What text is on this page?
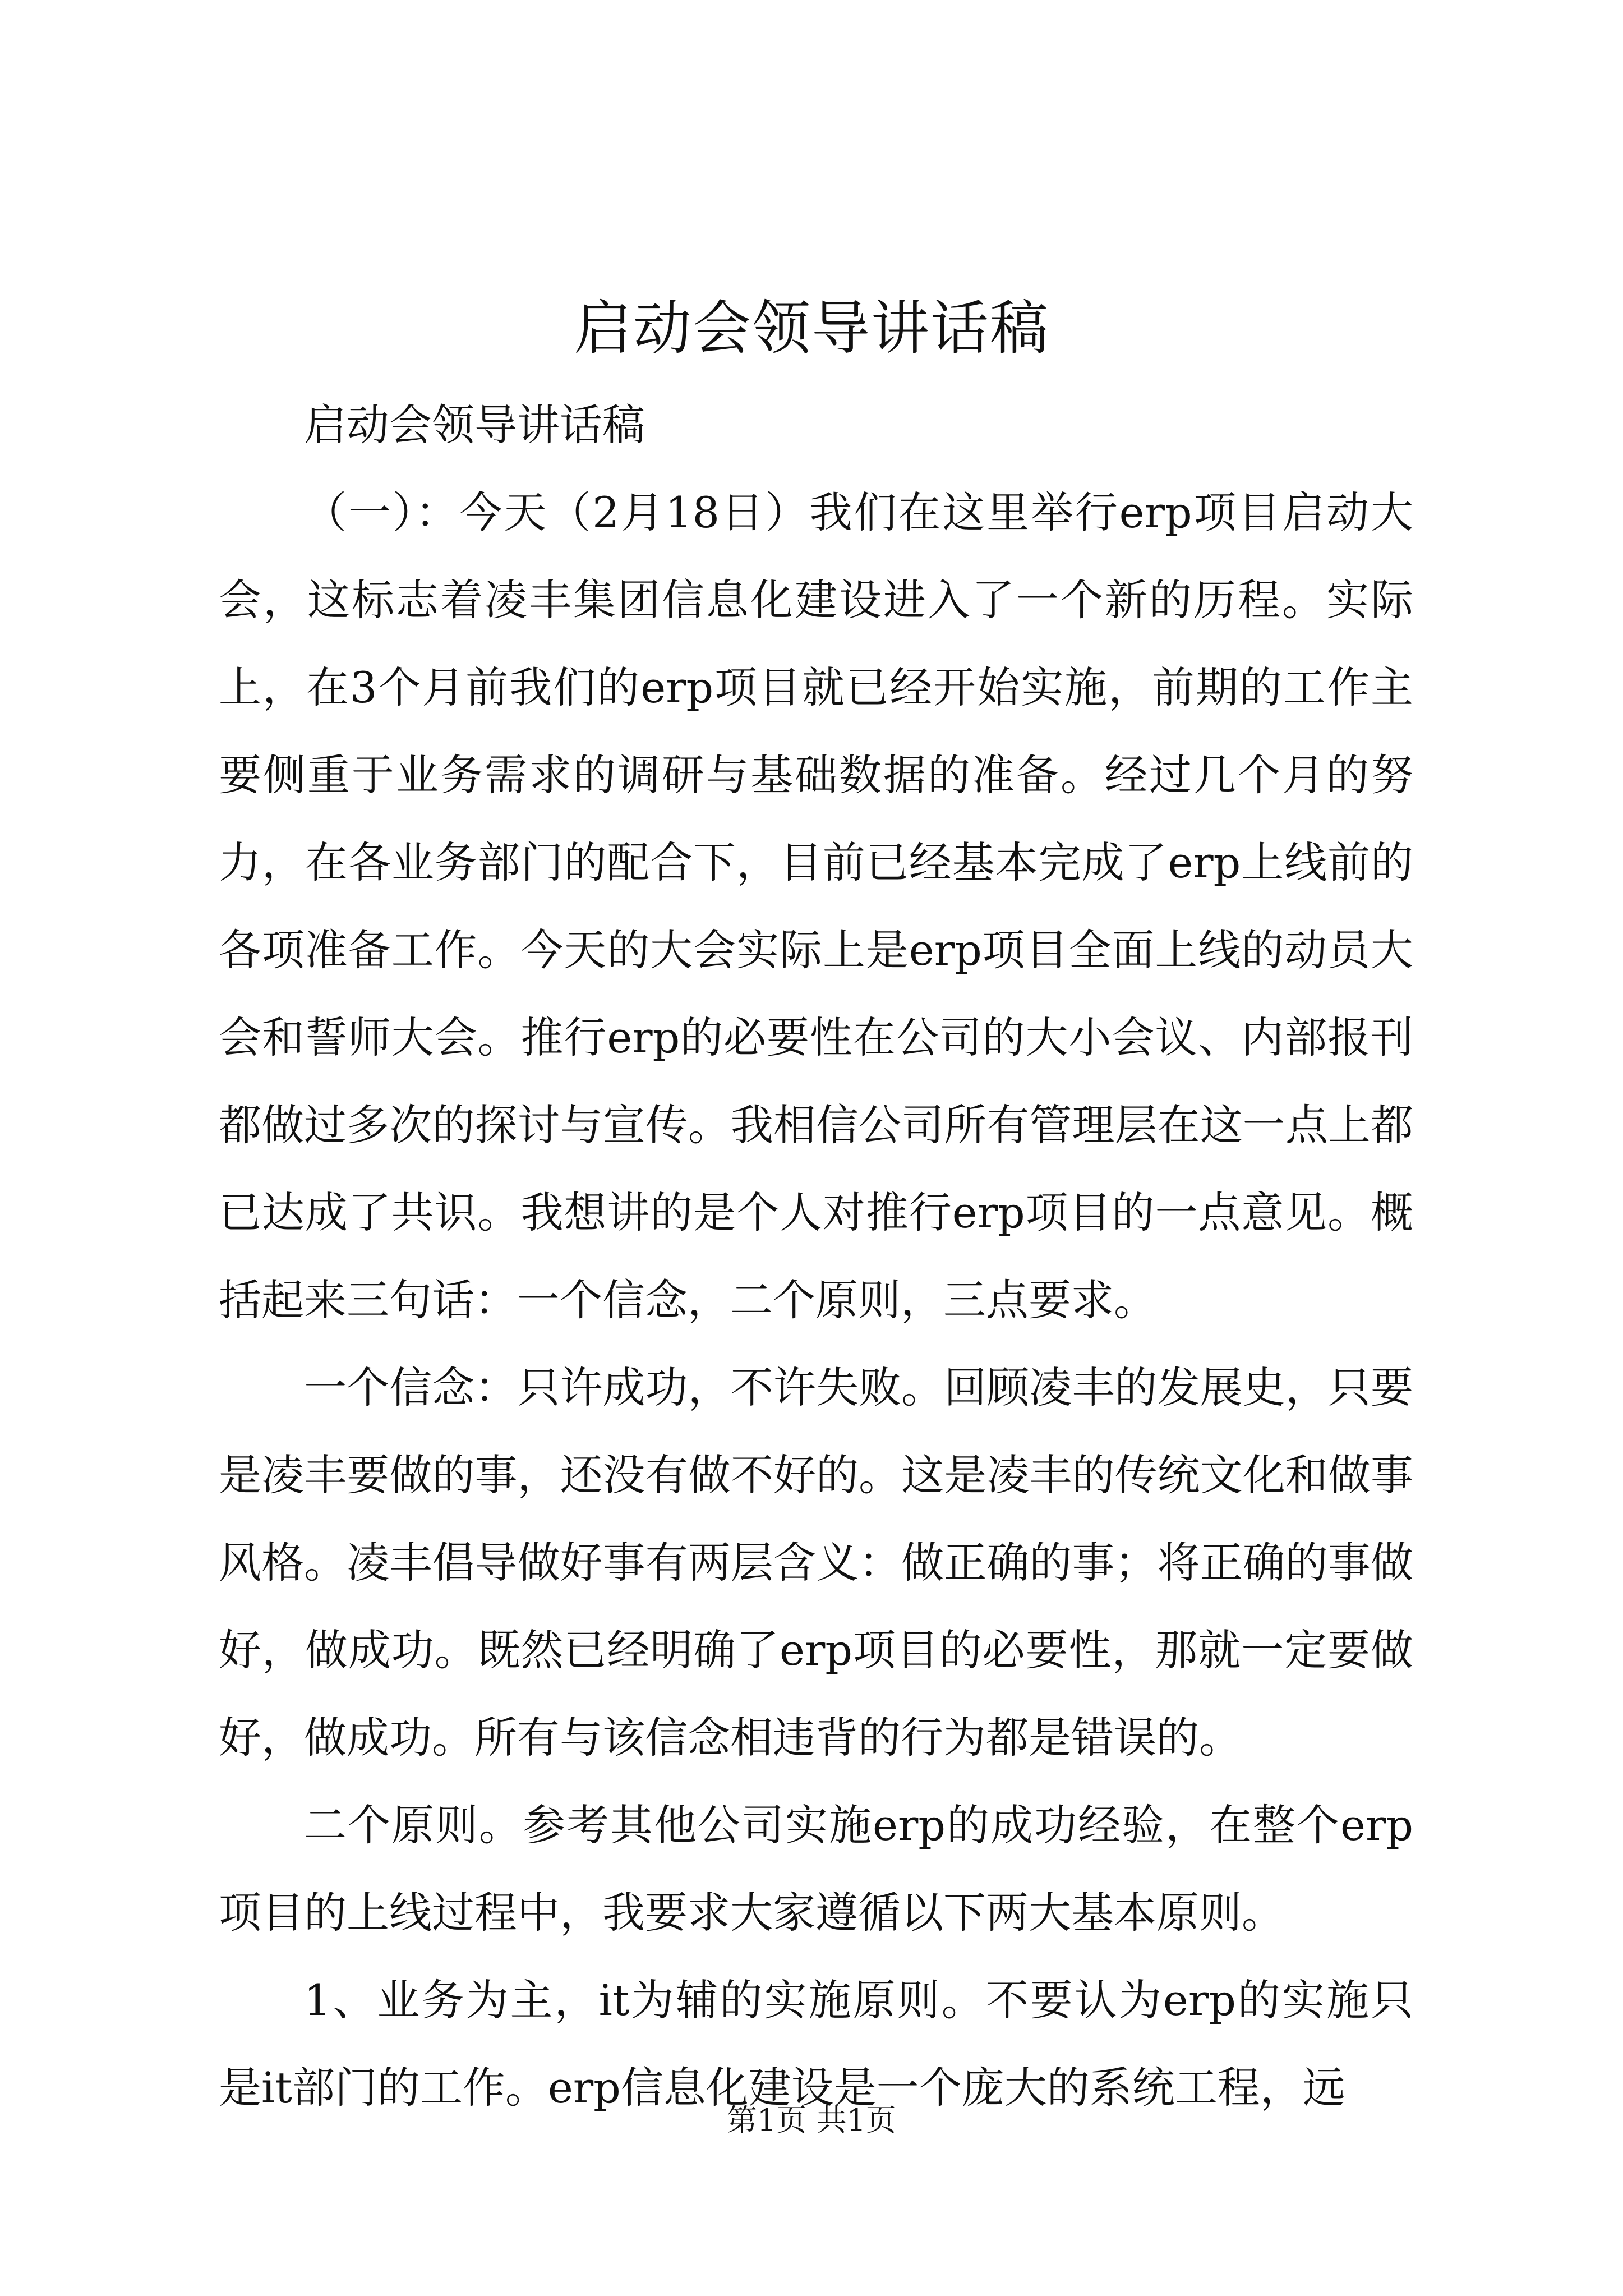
启动会领导讲话稿

启动会领导讲话稿

（一）：今天（2月18日）我们在这里举行erp项目启动大会，这标志着凌丰集团信息化建设进入了一个新的历程。实际上，在3个月前我们的erp项目就已经开始实施，前期的工作主要侧重于业务需求的调研与基础数据的准备。经过几个月的努力，在各业务部门的配合下，目前已经基本完成了erp上线前的各项准备工作。今天的大会实际上是erp项目全面上线的动员大会和誓师大会。推行erp的必要性在公司的大小会议、内部报刊都做过多次的探讨与宣传。我相信公司所有管理层在这一点上都已达成了共识。我想讲的是个人对推行erp项目的一点意见。概括起来三句话：一个信念，二个原则，三点要求。

一个信念：只许成功，不许失败。回顾凌丰的发展史，只要是凌丰要做的事，还没有做不好的。这是凌丰的传统文化和做事风格。凌丰倡导做好事有两层含义：做正确的事；将正确的事做好，做成功。既然已经明确了erp项目的必要性，那就一定要做好，做成功。所有与该信念相违背的行为都是错误的。

二个原则。参考其他公司实施erp的成功经验，在整个erp项目的上线过程中，我要求大家遵循以下两大基本原则。

1、业务为主，it为辅的实施原则。不要认为erp的实施只是it部门的工作。erp信息化建设是一个庞大的系统工程，远

第1页 共1页
